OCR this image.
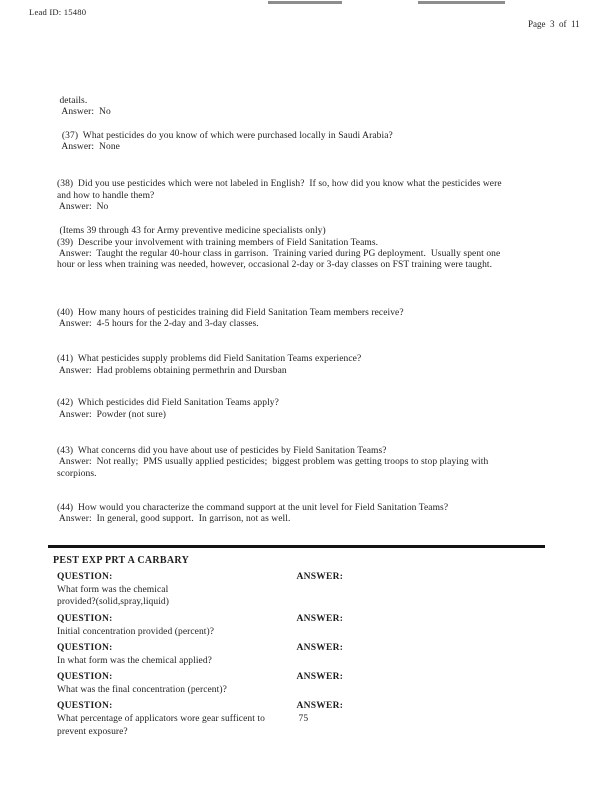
Lead ID: 15480
Page  3  of  11
details.
Answer:  No
(37)  What pesticides do you know of which were purchased locally in Saudi Arabia?
Answer:  None
(38)  Did you use pesticides which were not labeled in English?  If so, how did you know what the pesticides were
and how to handle them?
Answer:  No
(Items 39 through 43 for Army preventive medicine specialists only)
(39)  Describe your involvement with training members of Field Sanitation Teams.
Answer:  Taught the regular 40-hour class in garrison.  Training varied during PG deployment.  Usually spent one
hour or less when training was needed, however, occasional 2-day or 3-day classes on FST training were taught.
(40)  How many hours of pesticides training did Field Sanitation Team members receive?
Answer:  4-5 hours for the 2-day and 3-day classes.
(41)  What pesticides supply problems did Field Sanitation Teams experience?
Answer:  Had problems obtaining permethrin and Dursban
(42)  Which pesticides did Field Sanitation Teams apply?
Answer:  Powder (not sure)
(43)  What concerns did you have about use of pesticides by Field Sanitation Teams?
Answer:  Not really;  PMS usually applied pesticides;  biggest problem was getting troops to stop playing with
scorpions.
(44)  How would you characterize the command support at the unit level for Field Sanitation Teams?
Answer:  In general, good support.  In garrison, not as well.
PEST EXP PRT A CARBARY
QUESTION:
What form was the chemical
provided?(solid,spray,liquid)
ANSWER:
QUESTION:
Initial concentration provided (percent)?
ANSWER:
QUESTION:
In what form was the chemical applied?
ANSWER:
QUESTION:
What was the final concentration (percent)?
ANSWER:
QUESTION:
What percentage of applicators wore gear sufficent to
prevent exposure?
ANSWER:
75
